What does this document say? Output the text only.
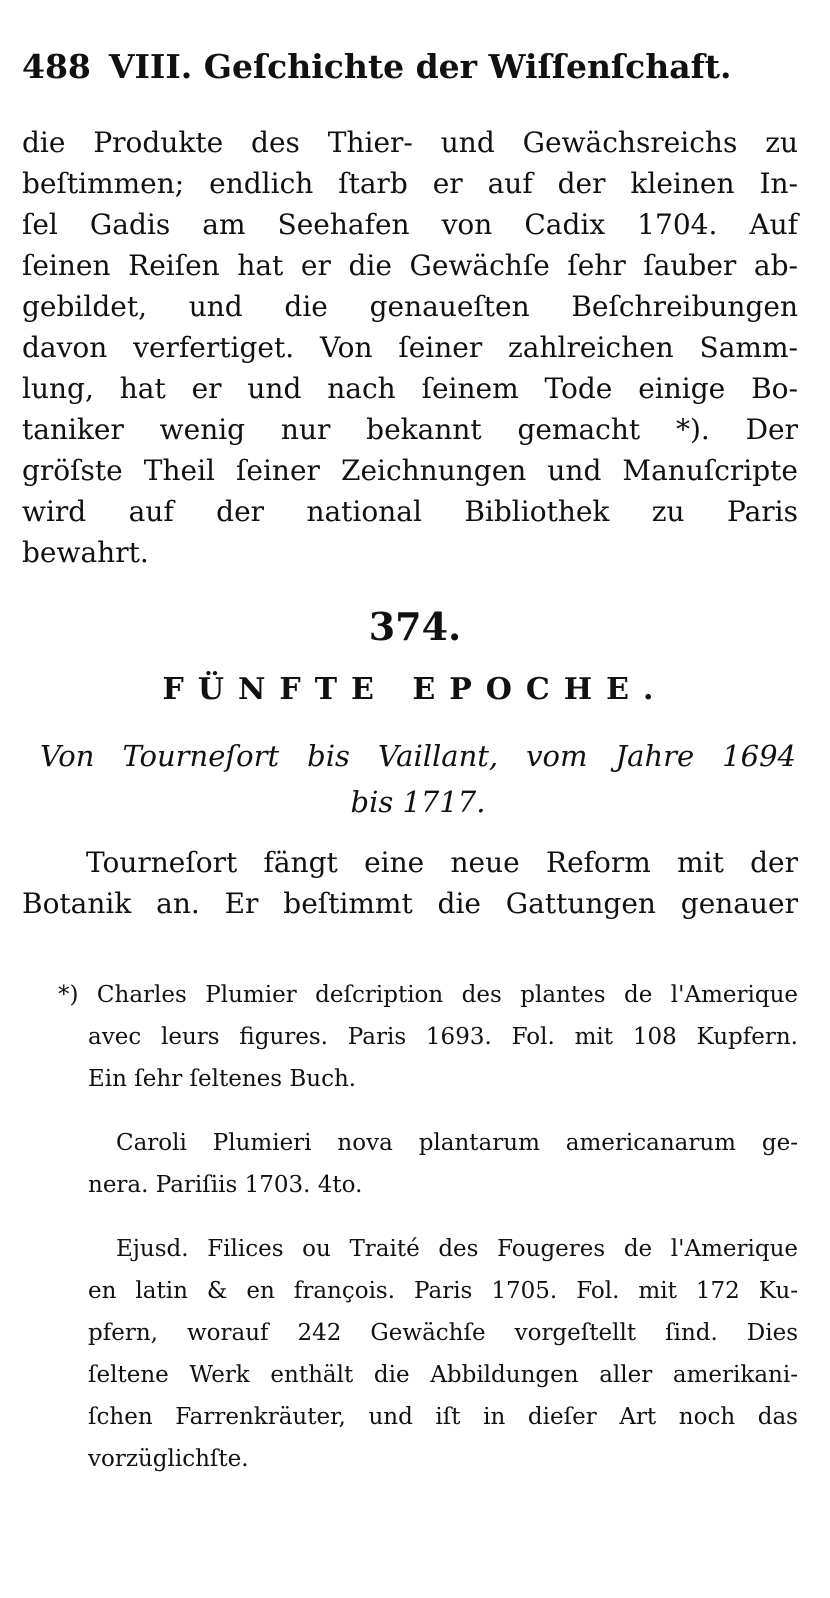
488 VIII. Geſchichte der Wiſſenſchaft.
die Produkte des Thier- und Gewächsreichs zu
beſtimmen; endlich ſtarb er auf der kleinen In-
ſel Gadis am Seehafen von Cadix 1704. Auf
ſeinen Reiſen hat er die Gewächſe ſehr ſauber ab-
gebildet, und die genaueſten Beſchreibungen
davon verfertiget. Von ſeiner zahlreichen Samm-
lung, hat er und nach ſeinem Tode einige Bo-
taniker wenig nur bekannt gemacht *). Der
gröſste Theil ſeiner Zeichnungen und Manuſcripte
wird auf der national Bibliothek zu Paris
bewahrt.
374.
FÜNFTE EPOCHE.
Von Tourneſort bis Vaillant, vom Jahre 1694
bis 1717.
Tourneſort fängt eine neue Reform mit der
Botanik an. Er beſtimmt die Gattungen genauer
*) Charles Plumier deſcription des plantes de l'Amerique
avec leurs figures. Paris 1693. Fol. mit 108 Kupfern.
Ein ſehr ſeltenes Buch.
Caroli Plumieri nova plantarum americanarum ge-
nera. Pariſiis 1703. 4to.
Ejusd. Filices ou Traité des Fougeres de l'Amerique
en latin & en françois. Paris 1705. Fol. mit 172 Ku-
pfern, worauf 242 Gewächſe vorgeſtellt ſind. Dies
ſeltene Werk enthält die Abbildungen aller amerikani-
ſchen Farrenkräuter, und iſt in dieſer Art noch das
vorzüglichſte.
